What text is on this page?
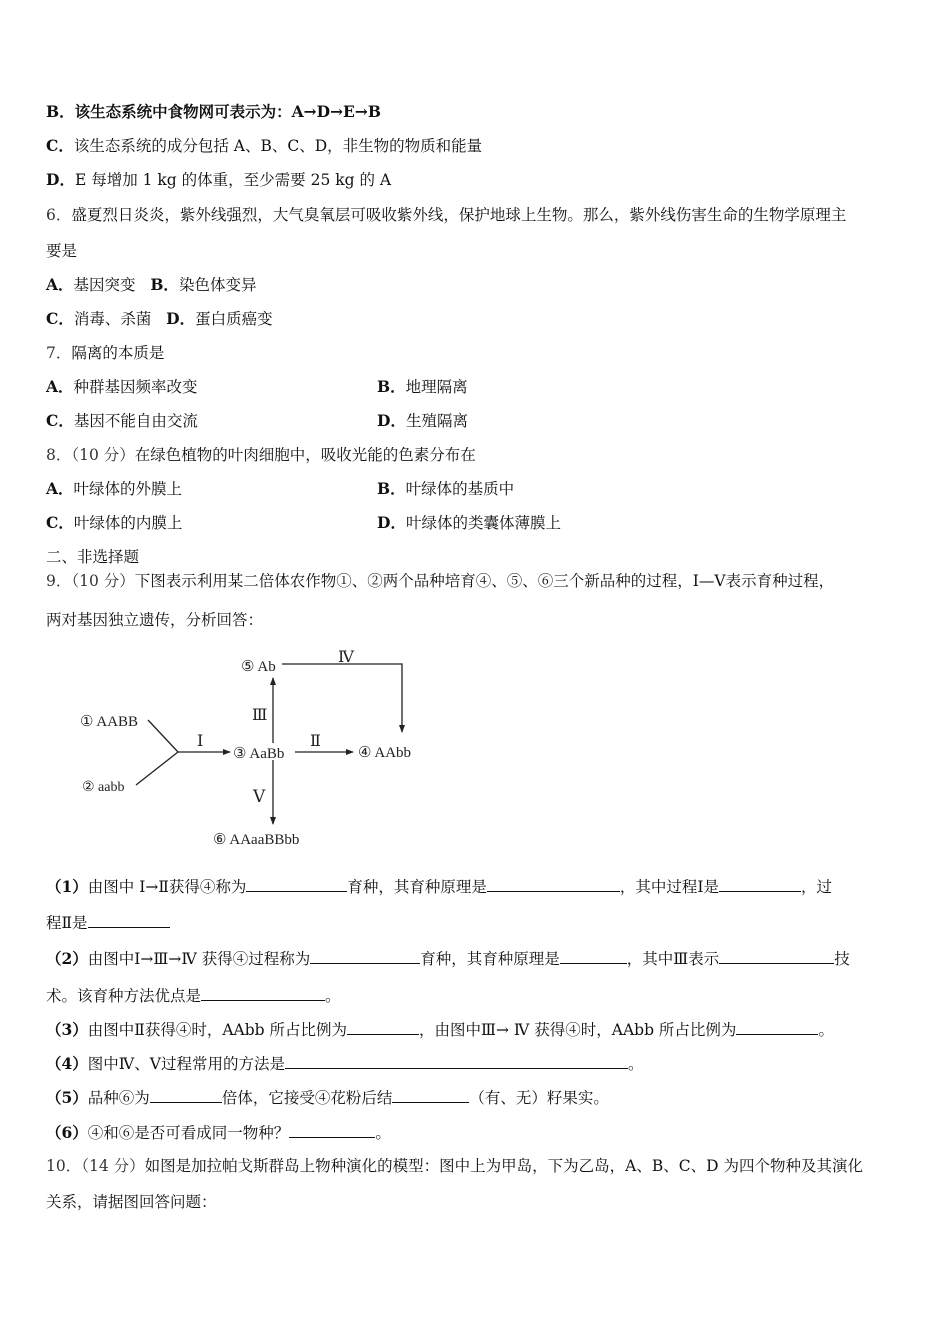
B．该生态系统中食物网可表示为：A→D→E→B
C．该生态系统的成分包括 A、B、C、D，非生物的物质和能量
D．E 每增加 1 kg 的体重，至少需要 25 kg 的 A
6．盛夏烈日炎炎，紫外线强烈，大气臭氧层可吸收紫外线，保护地球上生物。那么，紫外线伤害生命的生物学原理主
要是
A．基因突变 B．染色体变异
C．消毒、杀菌 D．蛋白质癌变
7．隔离的本质是
A．种群基因频率改变	B．地理隔离
C．基因不能自由交流	D．生殖隔离
8．（10 分）在绿色植物的叶肉细胞中，吸收光能的色素分布在
A．叶绿体的外膜上	B．叶绿体的基质中
C．叶绿体的内膜上	D．叶绿体的类囊体薄膜上
二、非选择题
9．（10 分）下图表示利用某二倍体农作物①、②两个品种培育④、⑤、⑥三个新品种的过程，Ⅰ—Ⅴ表示育种过程，
两对基因独立遗传，分析回答：
① AABB
② aabb
③ AaBb	④ AAbb
⑤ Ab
⑥ AAaaBBbb
Ⅰ	Ⅱ
Ⅲ
Ⅳ
Ⅴ
（1）由图中 Ⅰ→Ⅱ获得④称为	育种，其育种原理是	，其中过程Ⅰ是	，过
程Ⅱ是
（2）由图中Ⅰ→Ⅲ→Ⅳ 获得④过程称为	育种，其育种原理是	，其中Ⅲ表示	技
术。该育种方法优点是	。
（3）由图中Ⅱ获得④时，AAbb 所占比例为	，由图中Ⅲ→ Ⅳ 获得④时，AAbb 所占比例为	。
（4）图中Ⅳ、Ⅴ过程常用的方法是	。
（5）品种⑥为	倍体，它接受④花粉后结	（有、无）籽果实。
（6）④和⑥是否可看成同一物种？	。
10．（14 分）如图是加拉帕戈斯群岛上物种演化的模型：图中上为甲岛，下为乙岛，A、B、C、D 为四个物种及其演化
关系，请据图回答问题：
